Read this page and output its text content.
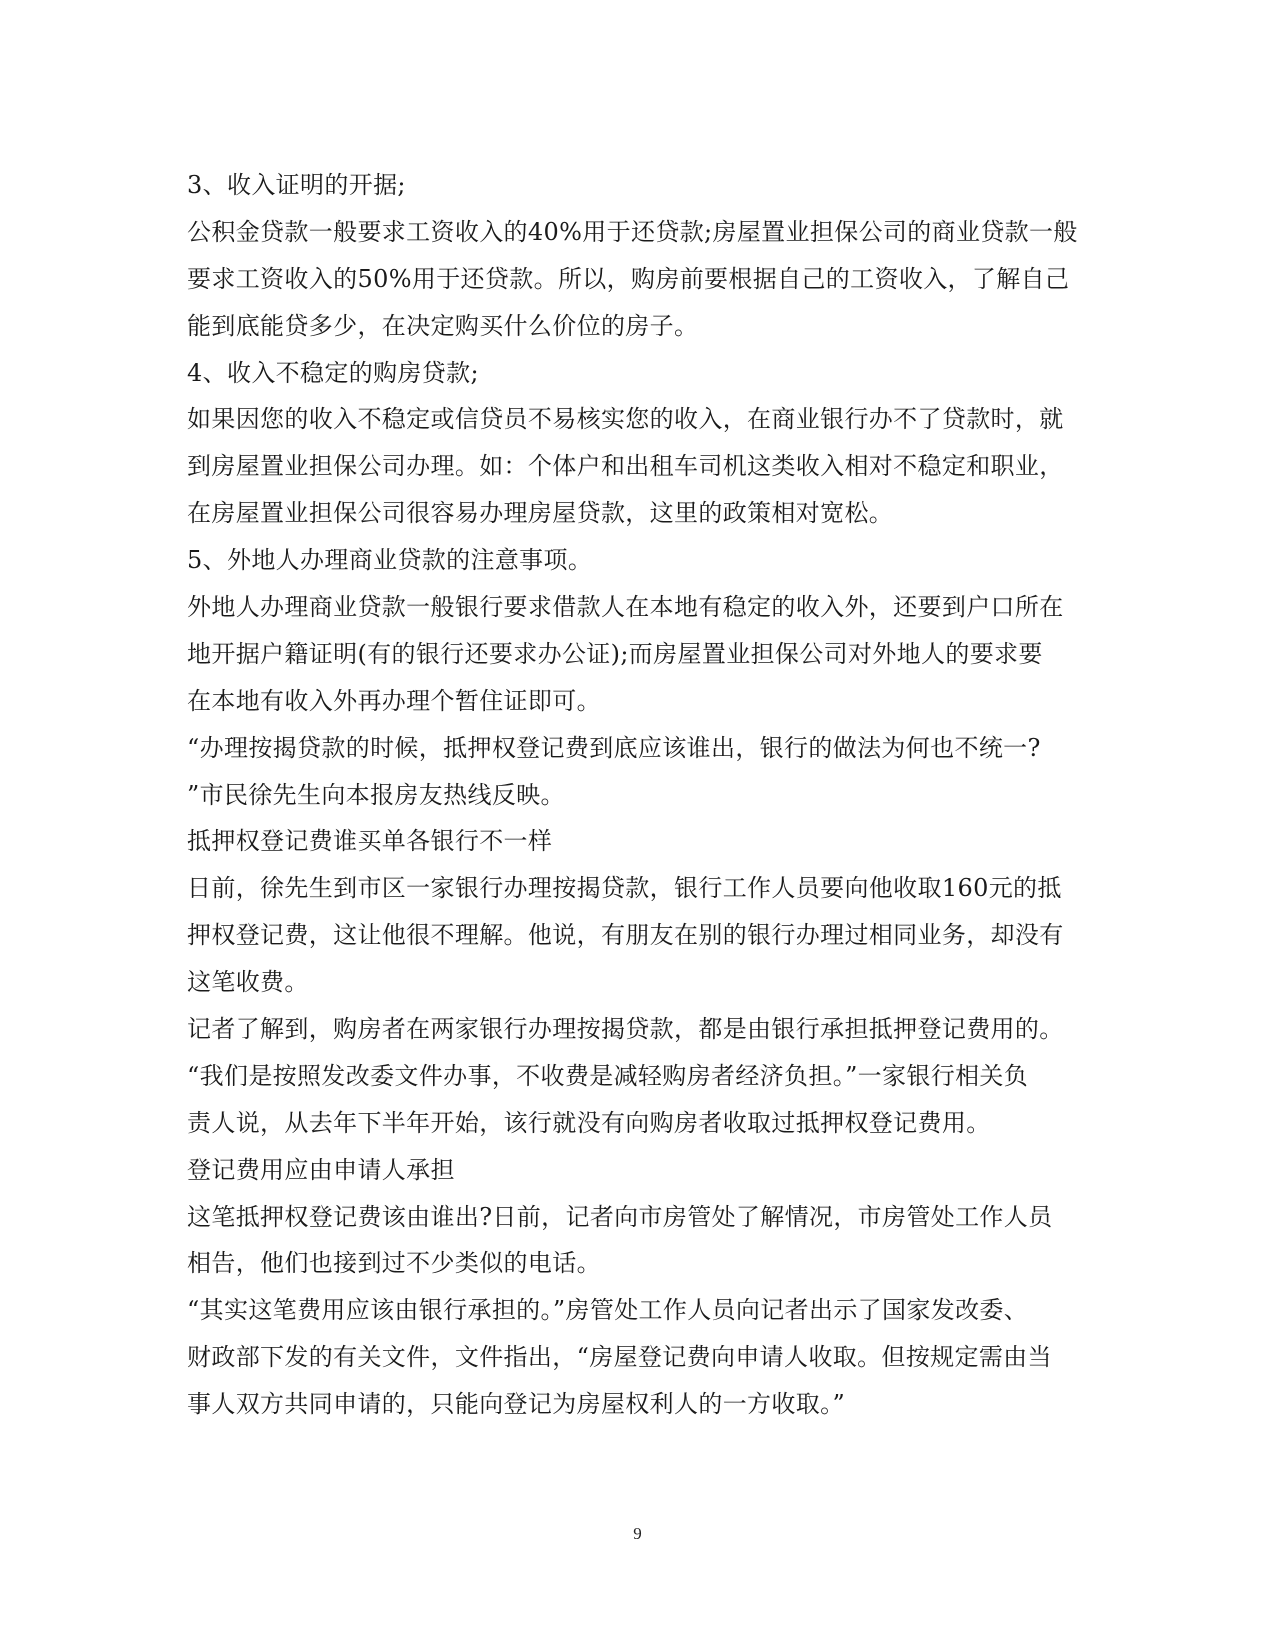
3、收入证明的开据;
公积金贷款一般要求工资收入的40%用于还贷款;房屋置业担保公司的商业贷款一般
要求工资收入的50%用于还贷款。所以，购房前要根据自己的工资收入，了解自己
能到底能贷多少，在决定购买什么价位的房子。
4、收入不稳定的购房贷款;
如果因您的收入不稳定或信贷员不易核实您的收入，在商业银行办不了贷款时，就
到房屋置业担保公司办理。如：个体户和出租车司机这类收入相对不稳定和职业，
在房屋置业担保公司很容易办理房屋贷款，这里的政策相对宽松。
5、外地人办理商业贷款的注意事项。
外地人办理商业贷款一般银行要求借款人在本地有稳定的收入外，还要到户口所在
地开据户籍证明(有的银行还要求办公证);而房屋置业担保公司对外地人的要求要
在本地有收入外再办理个暂住证即可。
“办理按揭贷款的时候，抵押权登记费到底应该谁出，银行的做法为何也不统一?
”市民徐先生向本报房友热线反映。
抵押权登记费谁买单各银行不一样
日前，徐先生到市区一家银行办理按揭贷款，银行工作人员要向他收取160元的抵
押权登记费，这让他很不理解。他说，有朋友在别的银行办理过相同业务，却没有
这笔收费。
记者了解到，购房者在两家银行办理按揭贷款，都是由银行承担抵押登记费用的。
“我们是按照发改委文件办事，不收费是减轻购房者经济负担。”一家银行相关负
责人说，从去年下半年开始，该行就没有向购房者收取过抵押权登记费用。
登记费用应由申请人承担
这笔抵押权登记费该由谁出?日前，记者向市房管处了解情况，市房管处工作人员
相告，他们也接到过不少类似的电话。
“其实这笔费用应该由银行承担的。”房管处工作人员向记者出示了国家发改委、
财政部下发的有关文件，文件指出，“房屋登记费向申请人收取。但按规定需由当
事人双方共同申请的，只能向登记为房屋权利人的一方收取。”
9
